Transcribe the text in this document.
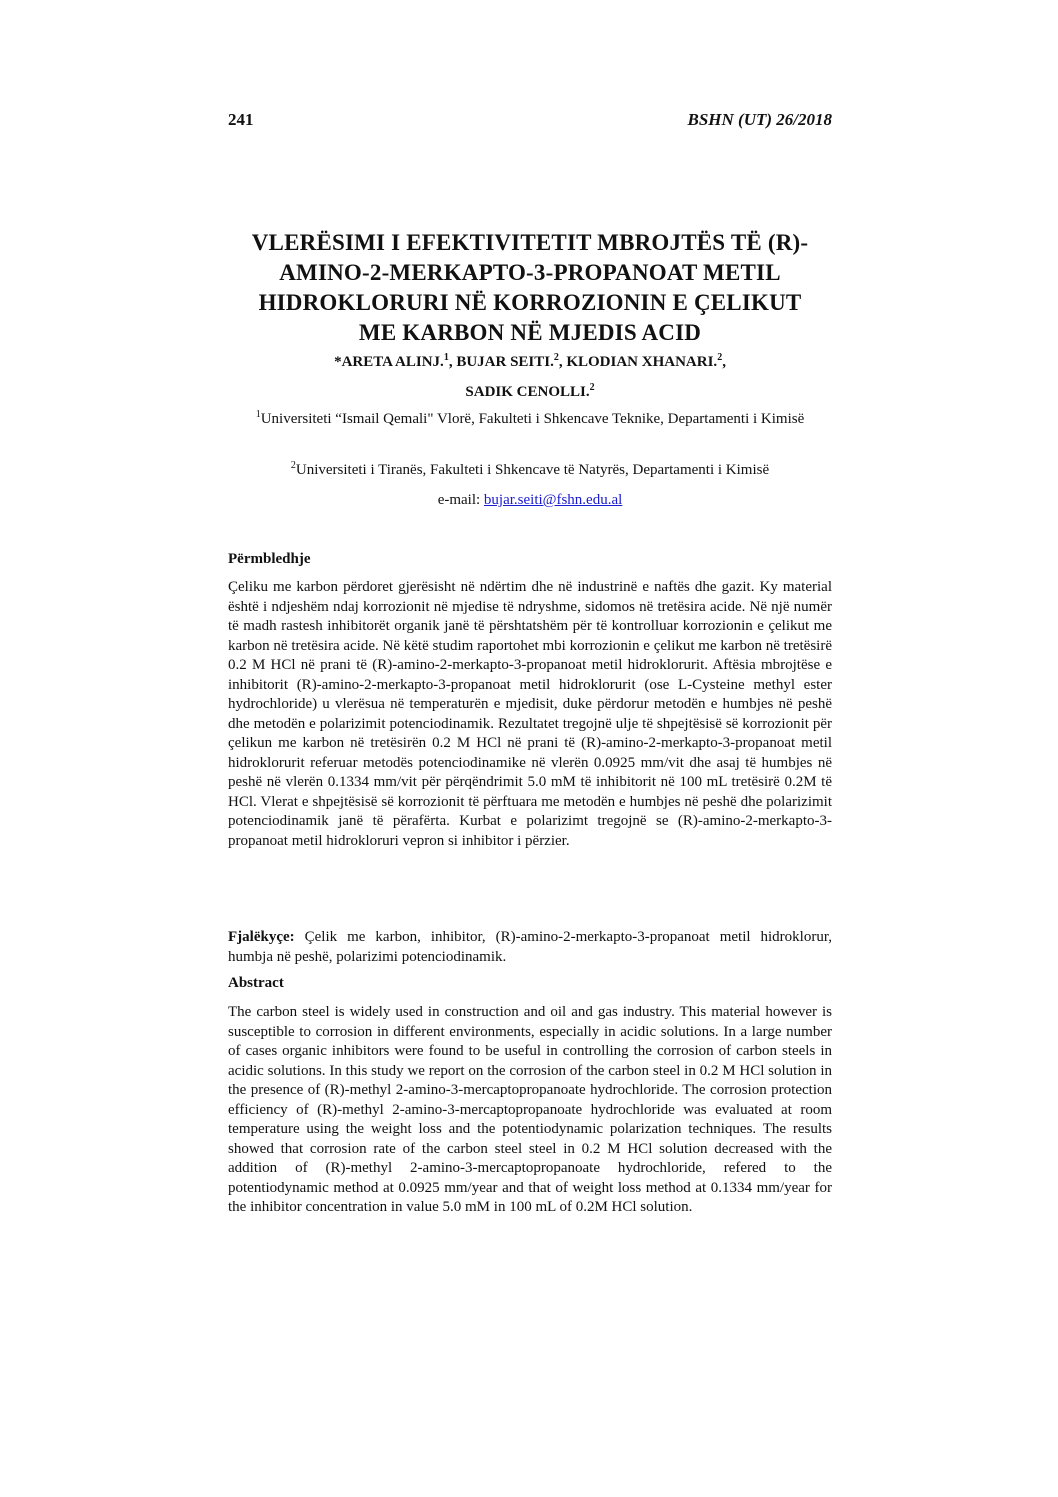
241	BSHN (UT) 26/2018
VLERËSIMI I EFEKTIVITETIT MBROJTËS TË (R)-
AMINO-2-MERKAPTO-3-PROPANOAT METIL
HIDROKLORURI NË KORROZIONIN E ÇELIKUT
ME KARBON NË MJEDIS ACID
*ARETA ALINJ.$^1$, BUJAR SEITI.$^2$, KLODIAN XHANARI.$^2$,
SADIK CENOLLI.$^2$
$^1$Universiteti “Ismail Qemali" Vlorë, Fakulteti i Shkencave Teknike, Departamenti i Kimisë
$^2$Universiteti i Tiranës, Fakulteti i Shkencave të Natyrës, Departamenti i Kimisë
e-mail: bujar.seiti@fshn.edu.al
Përmbledhje
Çeliku me karbon përdoret gjerësisht në ndërtim dhe në industrinë e naftës dhe gazit. Ky material është i ndjeshëm ndaj korrozionit në mjedise të ndryshme, sidomos në tretësira acide. Në një numër të madh rastesh inhibitorët organik janë të përshtatshëm për të kontrolluar korrozionin e çelikut me karbon në tretësira acide. Në këtë studim raportohet mbi korrozionin e çelikut me karbon në tretësirë 0.2 M HCl në prani të (R)-amino-2-merkapto-3-propanoat metil hidroklorurit. Aftësia mbrojtëse e inhibitorit (R)-amino-2-merkapto-3-propanoat metil hidroklorurit (ose L-Cysteine methyl ester hydrochloride) u vlerësua në temperaturën e mjedisit, duke përdorur metodën e humbjes në peshë dhe metodën e polarizimit potenciodinamik. Rezultatet tregojnë ulje të shpejtësisë së korrozionit për çelikun me karbon në tretësirën 0.2 M HCl në prani të (R)-amino-2-merkapto-3-propanoat metil hidroklorurit referuar metodës potenciodinamike në vlerën 0.0925 mm/vit dhe asaj të humbjes në peshë në vlerën 0.1334 mm/vit për përqëndrimit 5.0 mM të inhibitorit në 100 mL tretësirë 0.2M të HCl. Vlerat e shpejtësisë së korrozionit të përftuara me metodën e humbjes në peshë dhe polarizimit potenciodinamik janë të përafërta. Kurbat e polarizimt tregojnë se (R)-amino-2-merkapto-3-propanoat metil hidrokloruri vepron si inhibitor i përzier.
Fjalëkyçe: Çelik me karbon, inhibitor, (R)-amino-2-merkapto-3-propanoat metil hidroklorur, humbja në peshë, polarizimi potenciodinamik.
Abstract
The carbon steel is widely used in construction and oil and gas industry. This material however is susceptible to corrosion in different environments, especially in acidic solutions. In a large number of cases organic inhibitors were found to be useful in controlling the corrosion of carbon steels in acidic solutions. In this study we report on the corrosion of the carbon steel in 0.2 M HCl solution in the presence of (R)-methyl 2-amino-3-mercaptopropanoate hydrochloride. The corrosion protection efficiency of (R)-methyl 2-amino-3-mercaptopropanoate hydrochloride was evaluated at room temperature using the weight loss and the potentiodynamic polarization techniques. The results showed that corrosion rate of the carbon steel steel in 0.2 M HCl solution decreased with the addition of (R)-methyl 2-amino-3-mercaptopropanoate hydrochloride, refered to the potentiodynamic method at 0.0925 mm/year and that of weight loss method at 0.1334 mm/year for the inhibitor concentration in value 5.0 mM in 100 mL of 0.2M HCl solution.
